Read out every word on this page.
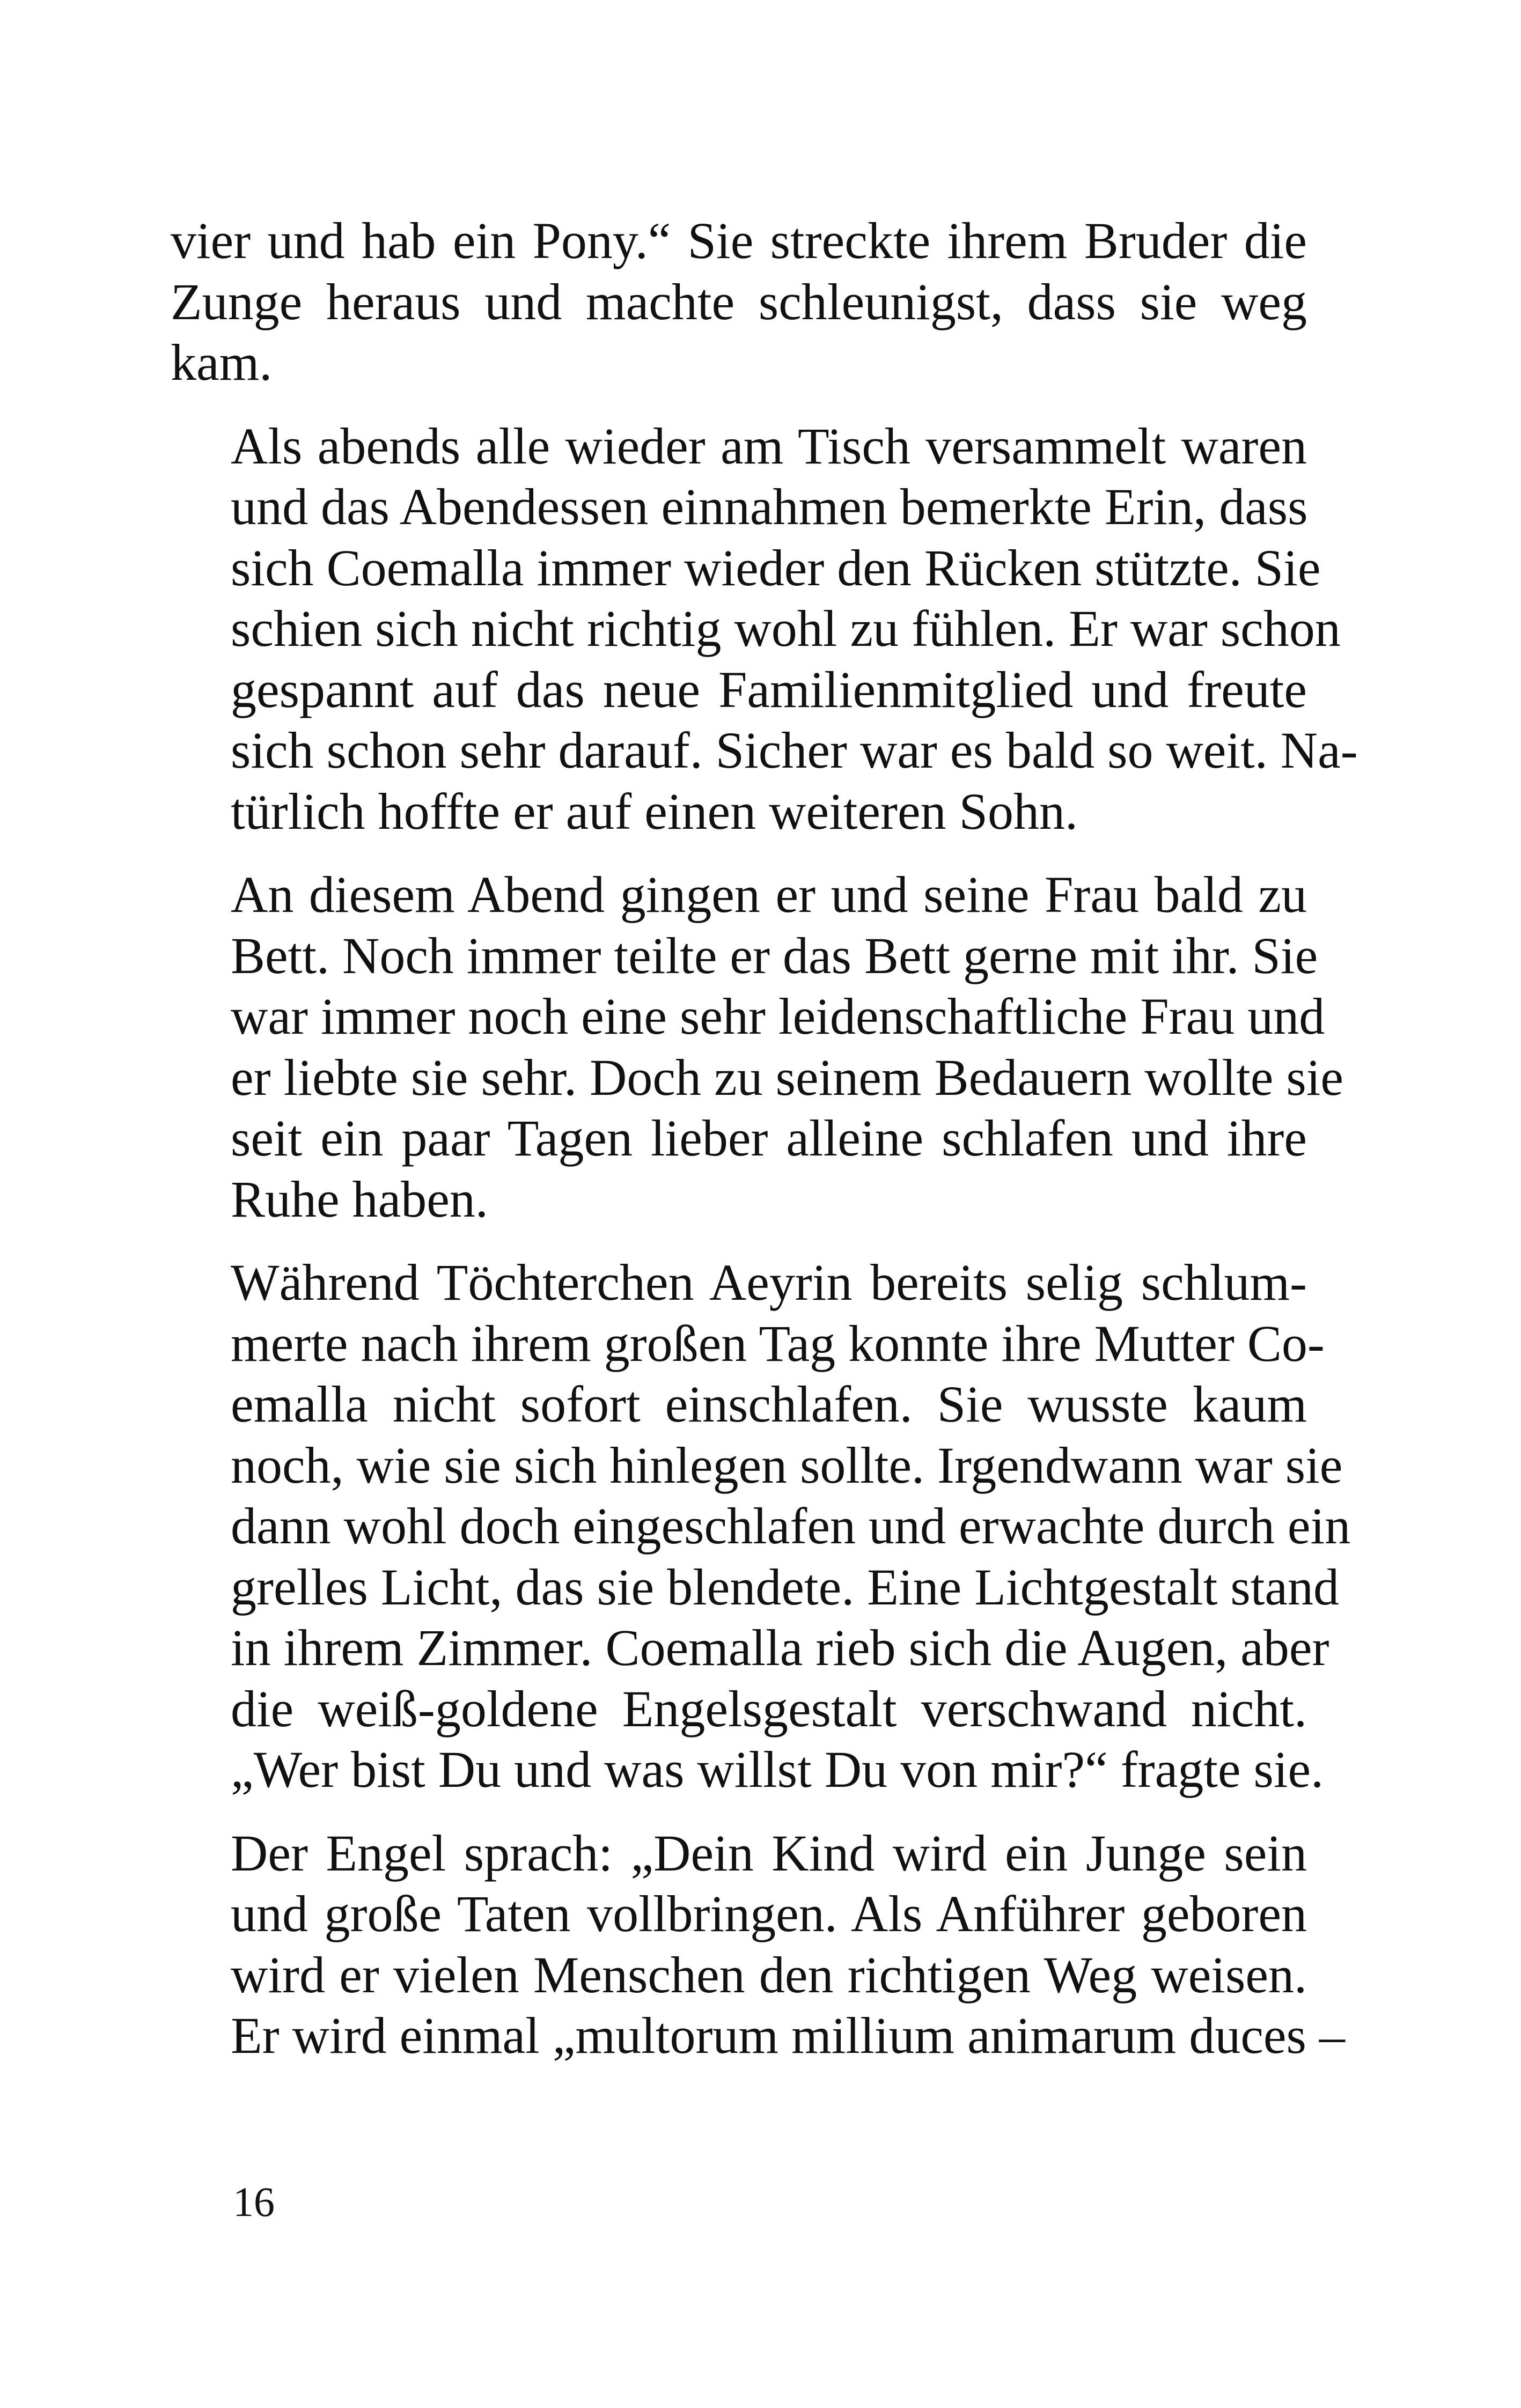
vier und hab ein Pony.“ Sie streckte ihrem Bruder die
Zunge heraus und machte schleunigst, dass sie weg
kam.

Als abends alle wieder am Tisch versammelt waren
und das Abendessen einnahmen bemerkte Erin, dass
sich Coemalla immer wieder den Rücken stützte. Sie
schien sich nicht richtig wohl zu fühlen. Er war schon
gespannt auf das neue Familienmitglied und freute
sich schon sehr darauf. Sicher war es bald so weit. Na-
türlich hoffte er auf einen weiteren Sohn.

An diesem Abend gingen er und seine Frau bald zu
Bett. Noch immer teilte er das Bett gerne mit ihr. Sie
war immer noch eine sehr leidenschaftliche Frau und
er liebte sie sehr. Doch zu seinem Bedauern wollte sie
seit ein paar Tagen lieber alleine schlafen und ihre
Ruhe haben.

Während Töchterchen Aeyrin bereits selig schlum-
merte nach ihrem großen Tag konnte ihre Mutter Co-
emalla nicht sofort einschlafen. Sie wusste kaum
noch, wie sie sich hinlegen sollte. Irgendwann war sie
dann wohl doch eingeschlafen und erwachte durch ein
grelles Licht, das sie blendete. Eine Lichtgestalt stand
in ihrem Zimmer. Coemalla rieb sich die Augen, aber
die weiß-goldene Engelsgestalt verschwand nicht.
„Wer bist Du und was willst Du von mir?“ fragte sie.

Der Engel sprach: „Dein Kind wird ein Junge sein
und große Taten vollbringen. Als Anführer geboren
wird er vielen Menschen den richtigen Weg weisen.
Er wird einmal „multorum millium animarum duces –

16
